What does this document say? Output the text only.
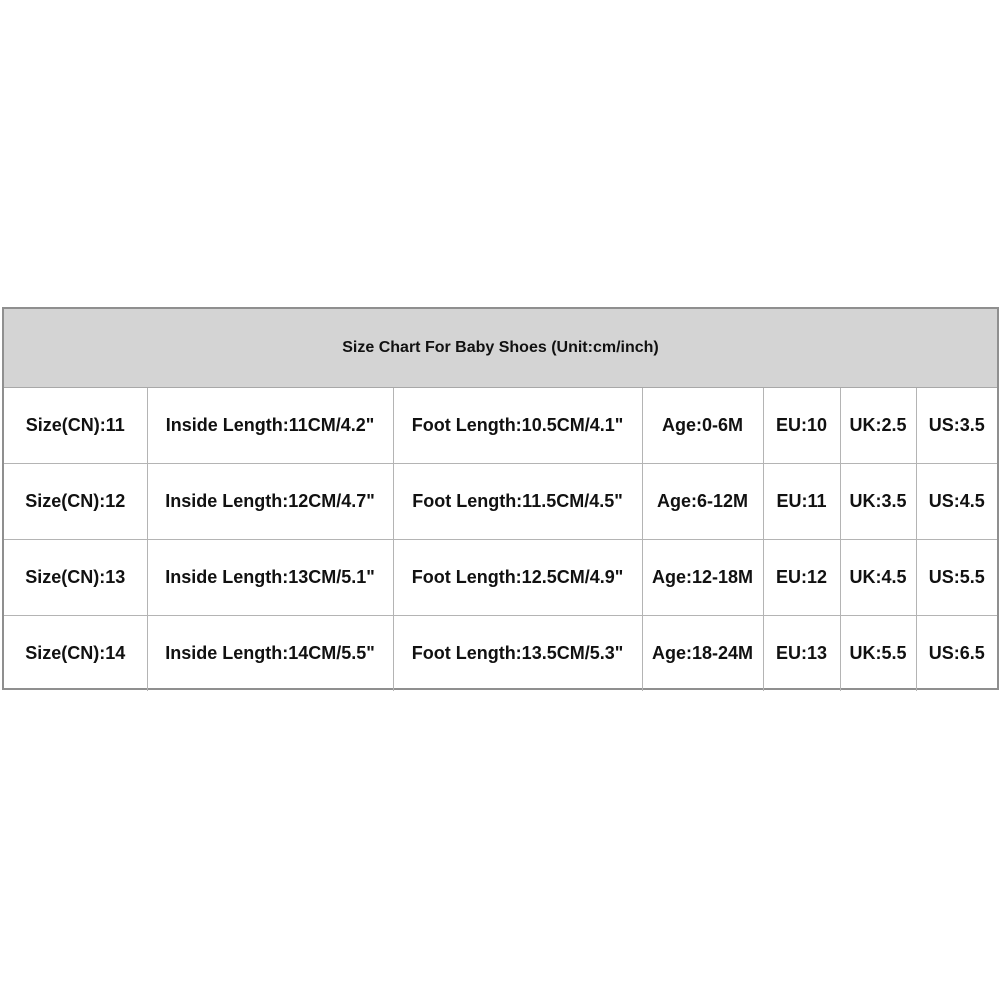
Size Chart For Baby Shoes (Unit:cm/inch)
Size(CN):11	Inside Length:11CM/4.2"	Foot Length:10.5CM/4.1"	Age:0-6M	EU:10	UK:2.5	US:3.5
Size(CN):12	Inside Length:12CM/4.7"	Foot Length:11.5CM/4.5"	Age:6-12M	EU:11	UK:3.5	US:4.5
Size(CN):13	Inside Length:13CM/5.1"	Foot Length:12.5CM/4.9"	Age:12-18M	EU:12	UK:4.5	US:5.5
Size(CN):14	Inside Length:14CM/5.5"	Foot Length:13.5CM/5.3"	Age:18-24M	EU:13	UK:5.5	US:6.5
